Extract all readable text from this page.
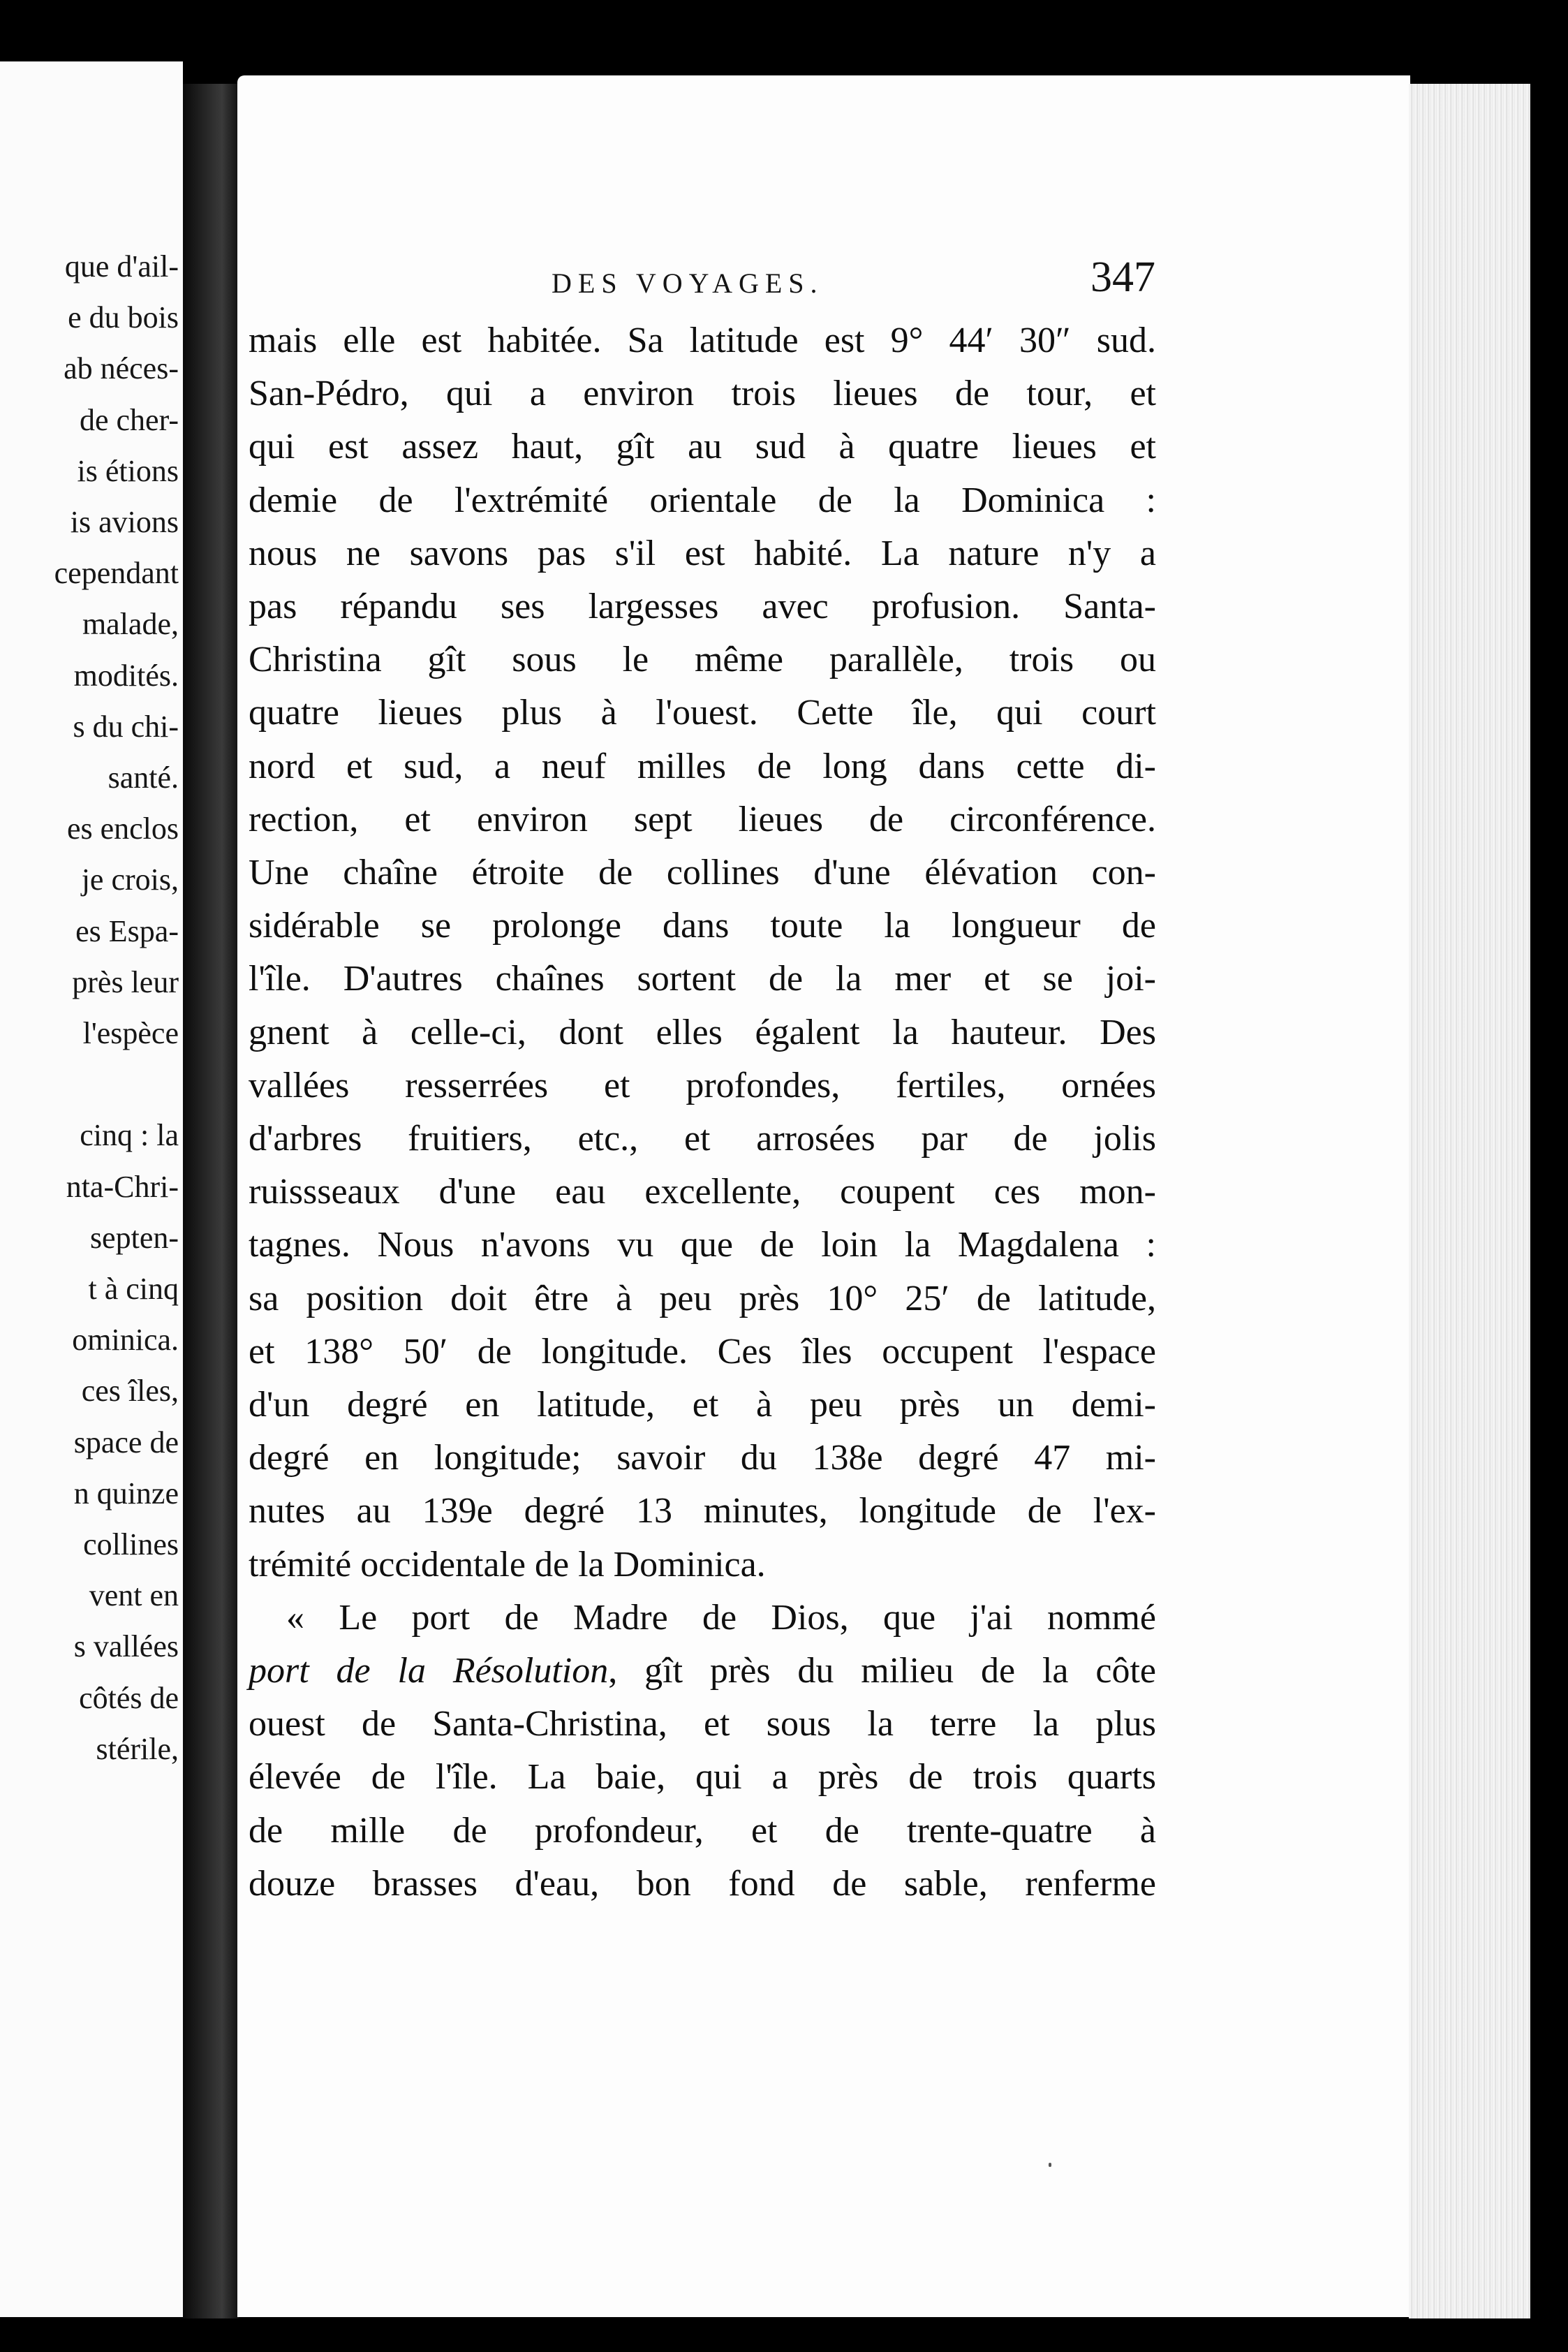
que d'ail-
e du bois
ab néces-
de cher-
is étions
is avions
cependant
malade,
modités.
s du chi-
santé.
es enclos
je crois,
es Espa-
près leur
l'espèce
cinq : la
nta-Chri-
septen-
t à cinq
ominica.
ces îles,
space de
n quinze
collines
vent en
s vallées
côtés de
stérile,
DES VOYAGES.	347
mais elle est habitée. Sa latitude est 9° 44′ 30″ sud.
San-Pédro, qui a environ trois lieues de tour, et
qui est assez haut, gît au sud à quatre lieues et
demie de l'extrémité orientale de la Dominica :
nous ne savons pas s'il est habité. La nature n'y a
pas répandu ses largesses avec profusion. Santa-
Christina gît sous le même parallèle, trois ou
quatre lieues plus à l'ouest. Cette île, qui court
nord et sud, a neuf milles de long dans cette di-
rection, et environ sept lieues de circonférence.
Une chaîne étroite de collines d'une élévation con-
sidérable se prolonge dans toute la longueur de
l'île. D'autres chaînes sortent de la mer et se joi-
gnent à celle-ci, dont elles égalent la hauteur. Des
vallées resserrées et profondes, fertiles, ornées
d'arbres fruitiers, etc., et arrosées par de jolis
ruissseaux d'une eau excellente, coupent ces mon-
tagnes. Nous n'avons vu que de loin la Magdalena :
sa position doit être à peu près 10° 25′ de latitude,
et 138° 50′ de longitude. Ces îles occupent l'espace
d'un degré en latitude, et à peu près un demi-
degré en longitude; savoir du 138e degré 47 mi-
nutes au 139e degré 13 minutes, longitude de l'ex-
trémité occidentale de la Dominica.
« Le port de Madre de Dios, que j'ai nommé
port de la Résolution, gît près du milieu de la côte
ouest de Santa-Christina, et sous la terre la plus
élevée de l'île. La baie, qui a près de trois quarts
de mille de profondeur, et de trente-quatre à
douze brasses d'eau, bon fond de sable, renferme
